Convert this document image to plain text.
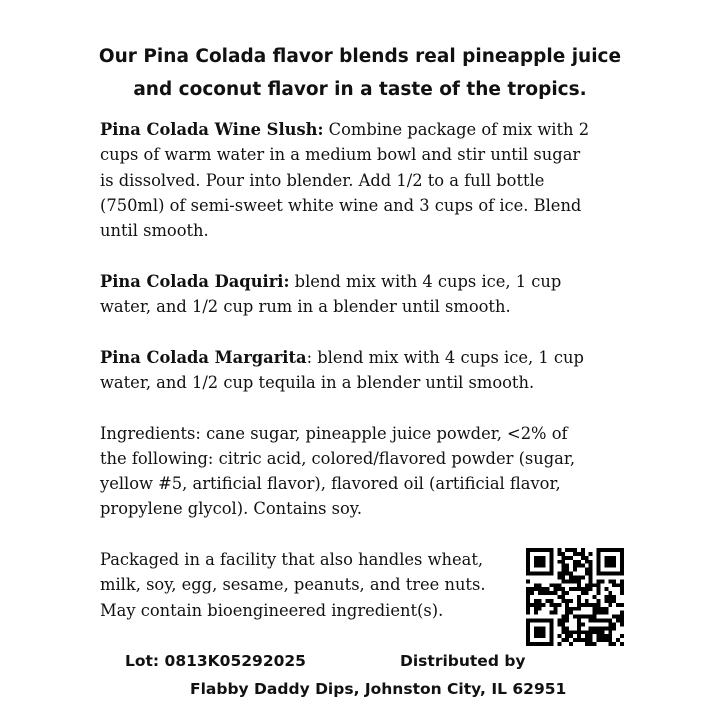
Our Pina Colada flavor blends real pineapple juice
and coconut flavor in a taste of the tropics.
Pina Colada Wine Slush: Combine package of mix with 2
cups of warm water in a medium bowl and stir until sugar
is dissolved. Pour into blender. Add 1/2 to a full bottle
(750ml) of semi-sweet white wine and 3 cups of ice. Blend
until smooth.
Pina Colada Daquiri: blend mix with 4 cups ice, 1 cup
water, and 1/2 cup rum in a blender until smooth.
Pina Colada Margarita: blend mix with 4 cups ice, 1 cup
water, and 1/2 cup tequila in a blender until smooth.
Ingredients: cane sugar, pineapple juice powder, <2% of
the following: citric acid, colored/flavored powder (sugar,
yellow #5, artificial flavor), flavored oil (artificial flavor,
propylene glycol). Contains soy.
Packaged in a facility that also handles wheat,
milk, soy, egg, sesame, peanuts, and tree nuts.
May contain bioengineered ingredient(s).
Lot: 0813K05292025	Distributed by
Flabby Daddy Dips, Johnston City, IL 62951
